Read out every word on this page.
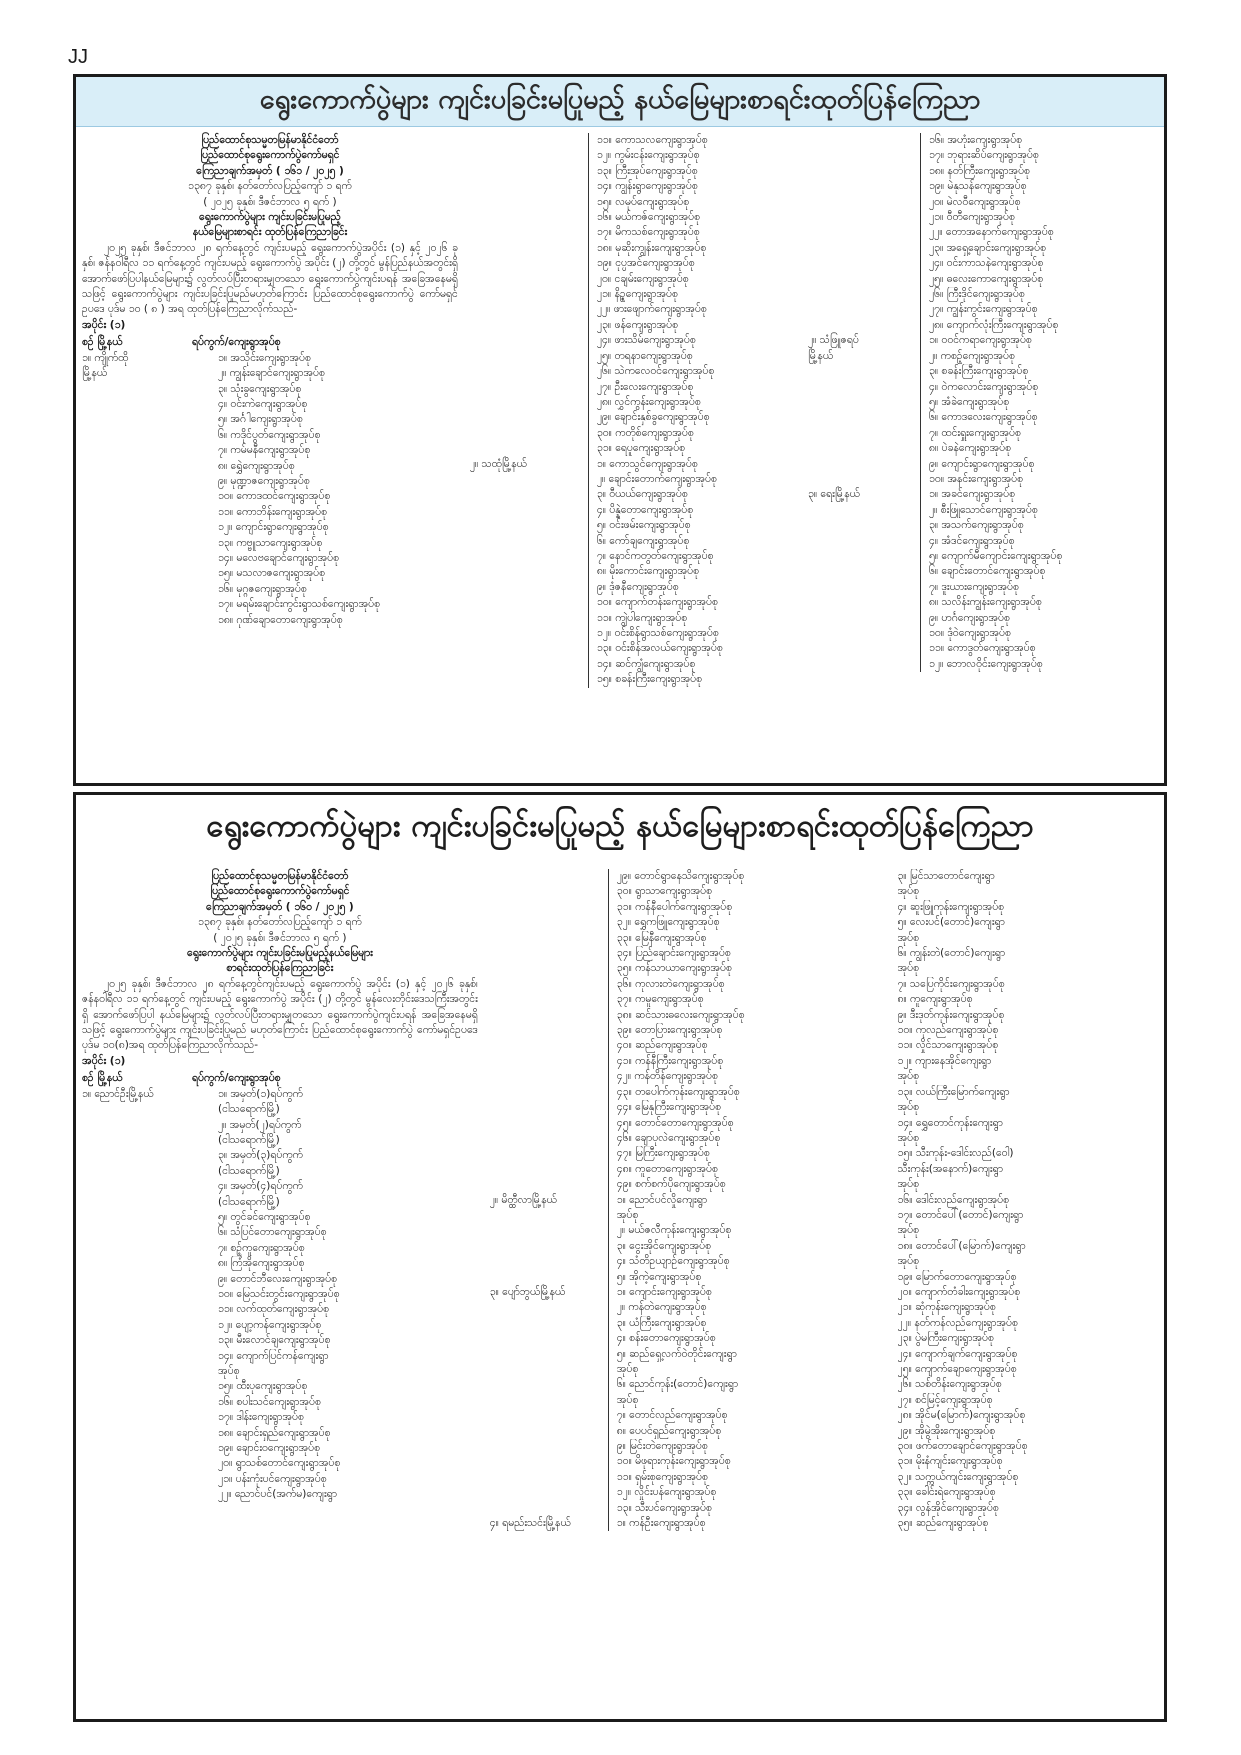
JJ
ရွေးကောက်ပွဲများ ကျင်းပခြင်းမပြုမည့် နယ်မြေများစာရင်းထုတ်ပြန်ကြေညာ
ပြည်ထောင်စုသမ္မတမြန်မာနိုင်ငံတော်
ပြည်ထောင်စုရွေးကောက်ပွဲကော်မရှင်
ကြေညာချက်အမှတ် ( ၁၆၁ / ၂၀၂၅ )
၁၃၈၇ ခုနှစ်၊ နတ်တော်လပြည့်ကျော် ၁ ရက်
( ၂၀၂၅ ခုနှစ်၊ ဒီဇင်ဘာလ ၅ ရက် )
ရွေးကောက်ပွဲများ ကျင်းပခြင်းမပြုမည့်
နယ်မြေများစာရင်း ထုတ်ပြန်ကြေညာခြင်း
၂၀၂၅ ခုနှစ်၊ ဒီဇင်ဘာလ ၂၈ ရက်နေ့တွင် ကျင်းပမည့် ရွေးကောက်ပွဲအပိုင်း (၁) နှင့် ၂၀၂၆ ခုနှစ်၊ ဇန်နဝါရီလ ၁၁ ရက်နေ့တွင် ကျင်းပမည့် ရွေးကောက်ပွဲ အပိုင်း (၂) တို့တွင် မွန်ပြည်နယ်အတွင်းရှိ အောက်ဖော်ပြပါနယ်မြေများ၌ လွတ်လပ်ပြီးတရားမျှတသော ရွေးကောက်ပွဲကျင်းပရန် အခြေအနေမရှိသဖြင့် ရွေးကောက်ပွဲများ ကျင်းပခြင်းပြုမည်မဟုတ်ကြောင်း ပြည်ထောင်စုရွေးကောက်ပွဲ ကော်မရှင်ဥပဒေ ပုဒ်မ ၁၀ ( ၈ ) အရ ထုတ်ပြန်ကြေညာလိုက်သည်-
အပိုင်း (၁)
စဉ် မြို့နယ်	ရပ်ကွက်/ကျေးရွာအုပ်စု
၁။ ကျိုက်ထို	၁။ အသိုင်းကျေးရွာအုပ်စု
မြို့နယ်	၂။ ကျွန်းချောင်ကျေးရွာအုပ်စု
၃။ သုံးခွကျေးရွာအုပ်စု
၄။ ဝင်းကဲကျေးရွာအုပ်စု
၅။ အင်္ဂါကျေးရွာအုပ်စု
၆။ ကဒိုင်ပွတ်ကျေးရွာအုပ်စု
၇။ ကမ်မနီကျေးရွာအုပ်စု
၈။ ရွှေဲကျေးရွာအုပ်စု
၉။ မုဏ္ဍာဇကျေးရွာအုပ်စု
၁၀။ ကောဒထင်ကျေးရွာအုပ်စု
၁၁။ ကောဘိန်းကျေးရွာအုပ်စု
၁၂။ ကျောင်းရွာကျေးရွာအုပ်စု
၁၃။ ကဗ္ဗူသာကျေးရွာအုပ်စု
၁၄။ မလေဗချောင်ကျေးရွာအုပ်စု
၁၅။ မသလာဇကျေးရွာအုပ်စု
၁၆။ မုဂ္ဂဇကျေးရွာအုပ်စု
၁၇။ မရမ်းချောင်းကွင်းရွာသစ်ကျေးရွာအုပ်စု
၁၈။ ဂုဏ်ချောတောကျေးရွာအုပ်စု
၁၁။ ကောသလကျေးရွာအုပ်စု
၁၂။ ကွမ်းငန်းကျေးရွာအုပ်စု
၁၃။ ကြီးအုပ်ကျေးရွာအုပ်စု
၁၄။ ကျွန်းရွာကျေးရွာအုပ်စု
၁၅။ လမုပ်ကျေးရွာအုပ်စု
၁၆။ မယ်ကဇ်ကျေးရွာအုပ်စု
၁၇။ မိကသစ်ကျေးရွာအုပ်စု
၁၈။ မုဆိုးကျွန်းကျေးရွာအုပ်စု
၁၉။ ငုပ္ပအင်ကျေးရွာအုပ်စု
၂၀။ ငချမ်းကျေးရွာအုပ်စု
၂၁။ နိဉ္စကျေးရွာအုပ်စု
၂၂။ ဖားဖျောက်ကျေးရွာအုပ်စု
၂၃။ ဖန်ကျေးရွာအုပ်စု
၂၄။ ဖားသိမ်ကျေးရွာအုပ်စု
၂၅။ တရနာကျေးရွာအုပ်စု
၂၆။ သဲကလေဝင်ကျေးရွာအုပ်စု
၂၇။ ဦးလေးကျေးရွာအုပ်စု
၂၈။ လွှင်ကွန်းကျေးရွာအုပ်စု
၂၉။ ချောင်းနှစ်ခွကျေးရွာအုပ်စု
၃၀။ ကတိုစ်ကျေးရွာအုပ်စု
၃၁။ ရေပူကျေးရွာအုပ်စု
၂။ သထုံမြို့နယ်	၁။ ကောသွင်ကျေးရွာအုပ်စု
၂။ ချောင်းတောက်ကျေးရွာအုပ်စု
၃။ ဝီယယ်ကျေးရွာအုပ်စု
၄။ ပိန္နဲတောကျေးရွာအုပ်စု
၅။ ဝင်းဖမ်းကျေးရွာအုပ်စု
၆။ ကော်ချကျေးရွာအုပ်စု
၇။ နောင်ကတွတ်ကျေးရွာအုပ်စု
၈။ မိုးကောင်းကျေးရွာအုပ်စု
၉။ ဒုံဇနီကျေးရွာအုပ်စု
၁၀။ ကျောက်တန်းကျေးရွာအုပ်စု
၁၁။ ကျွဲပါကျေးရွာအုပ်စု
၁၂။ ဝင်းစိန်ရွာသစ်ကျေးရွာအုပ်စု
၁၃။ ဝင်းစိန်အလယ်ကျေးရွာအုပ်စု
၁၄။ ဆင်ကျွံကျေးရွာအုပ်စု
၁၅။ စခန်းကြီးကျေးရွာအုပ်စု
၁၆။ အဟုံးကျေးရွာအုပ်စု
၁၇။ ဘုရားဆိပ်ကျေးရွာအုပ်စု
၁၈။ နတ်ကြီးကျေးရွာအုပ်စု
၁၉။ မဲနုသန်ကျေးရွာအုပ်စု
၂၀။ မဲလဝီကျေးရွာအုပ်စု
၂၁။ ဝီတီကျေးရွာအုပ်စု
၂၂။ တောအနောက်ကျေးရွာအုပ်စု
၂၃။ အရှေ့ချောင်းကျေးရွာအုပ်စု
၂၄။ ဝင်းကာသနဲကျေးရွာအုပ်စု
၂၅။ ဓလေးကောကျေးရွာအုပ်စု
၂၆။ ကြီးဒိုင်ကျေးရွာအုပ်စု
၂၇။ ကျွန်းကွင်းကျေးရွာအုပ်စု
၂၈။ ကျောက်လုံးကြီးကျေးရွာအုပ်စု
၂။ သံဖြူဇရပ်	၁။ ဝဝင်ကရာကျေးရွာအုပ်စု
မြို့နယ်	၂။ ကစဉ့်ကျေးရွာအုပ်စု
၃။ စခန်းကြီးကျေးရွာအုပ်စု
၄။ ဝဲကလောင်းကျေးရွာအုပ်စု
၅။ အံခဲကျေးရွာအုပ်စု
၆။ ကောဒလေးကျေးရွာအုပ်စု
၇။ ထင်းရှူးကျေးရွာအုပ်စု
၈။ ပဲခနဲကျေးရွာအုပ်စု
၉။ ကျောင်းရွာကျေးရွာအုပ်စု
၁၀။ အနင်းကျေးရွာအုပ်စု
၃။ ရေးမြို့နယ်	၁။ အခင်ကျေးရွာအုပ်စု
၂။ စီးဖြူသောင်ကျေးရွာအုပ်စု
၃။ အသက်ကျေးရွာအုပ်စု
၄။ အံဒင်ကျေးရွာအုပ်စု
၅။ ကျောက်မီကျောင်းကျေးရွာအုပ်စု
၆။ ချောင်းတောင်ကျေးရွာအုပ်စု
၇။ ဒူးယားကျေးရွာအုပ်စု
၈။ သလိန်းကျွန်းကျေးရွာအုပ်စု
၉။ ဟင်္ဂကျေးရွာအုပ်စု
၁၀။ ဒုံဝဲကျေးရွာအုပ်စု
၁၁။ ကောဒွတ်ကျေးရွာအုပ်စု
၁၂။ ဘောလဝိုင်းကျေးရွာအုပ်စု
ရွေးကောက်ပွဲများ ကျင်းပခြင်းမပြုမည့် နယ်မြေများစာရင်းထုတ်ပြန်ကြေညာ
ပြည်ထောင်စုသမ္မတမြန်မာနိုင်ငံတော်
ပြည်ထောင်စုရွေးကောက်ပွဲကော်မရှင်
ကြေညာချက်အမှတ် ( ၁၆၀ / ၂၀၂၅ )
၁၃၈၇ ခုနှစ်၊ နတ်တော်လပြည့်ကျော် ၁ ရက်
( ၂၀၂၅ ခုနှစ်၊ ဒီဇင်ဘာလ ၅ ရက် )
ရွေးကောက်ပွဲများ ကျင်းပခြင်းမပြုမည့်နယ်မြေများ
စာရင်းထုတ်ပြန်ကြေညာခြင်း
၂၀၂၅ ခုနှစ်၊ ဒီဇင်ဘာလ ၂၈ ရက်နေ့တွင်ကျင်းပမည့် ရွေးကောက်ပွဲ အပိုင်း (၁) နှင့် ၂၀၂၆ ခုနှစ်၊ ဇန်နဝါရီလ ၁၁ ရက်နေ့တွင် ကျင်းပမည့် ရွေးကောက်ပွဲ အပိုင်း (၂) တို့တွင် မွန်လေးတိုင်းဒေသကြီးအတွင်းရှိ အောက်ဖော်ပြပါ နယ်မြေများ၌ လွတ်လပ်ပြီးတရားမျှတသော ရွေးကောက်ပွဲကျင်းပရန် အခြေအနေမရှိသဖြင့် ရွေးကောက်ပွဲများ ကျင်းပခြင်းပြုမည် မဟုတ်ကြောင်း ပြည်ထောင်စုရွေးကောက်ပွဲ ကော်မရှင်ဥပဒေပုဒ်မ ၁၀(၈)အရ ထုတ်ပြန်ကြေညာလိုက်သည်-
အပိုင်း (၁)
စဉ် မြို့နယ်	ရပ်ကွက်/ကျေးရွာအုပ်စု
၁။ ညောင်ဦးမြို့နယ်	၁။ အမှတ်(၁)ရပ်ကွက်
(ငါသရောက်မြို့)
၂။ အမှတ်(၂)ရပ်ကွက်
(ငါသရောက်မြို့)
၃။ အမှတ်(၃)ရပ်ကွက်
(ငါသရောက်မြို့)
၄။ အမှတ်(၄)ရပ်ကွက်
(ငါသရောက်မြို့)
၅။ တွင်ခင်ကျေးရွာအုပ်စု
၆။ သံပြင်တောကျေးရွာအုပ်စု
၇။ စဉ့်ကူကျေးရွာအုပ်စု
၈။ ကြံအိုကျေးရွာအုပ်စု
၉။ တောင်ဘီလေးကျေးရွာအုပ်စု
၁၀။ မြေသင်းတွင်းကျေးရွာအုပ်စု
၁၁။ လက်ထုတ်ကျေးရွာအုပ်စု
၁၂။ ပျော့ကန်ကျေးရွာအုပ်စု
၁၃။ မီးလောင်ချကျေးရွာအုပ်စု
၁၄။ ကျောက်ပြင်ကန်ကျေးရွာ
အုပ်စု
၁၅။ ထီးပုကျေးရွာအုပ်စု
၁၆။ စပါးသင်ကျေးရွာအုပ်စု
၁၇။ ဒါန်းကျေးရွာအုပ်စု
၁၈။ ချောင်းရှည်ကျေးရွာအုပ်စု
၁၉။ ချောင်းဝကျေးရွာအုပ်စု
၂၀။ ရွာသစ်တောင်ကျေးရွာအုပ်စု
၂၁။ ပန်းကုံးပင်ကျေးရွာအုပ်စု
၂၂။ ညောင်ပင်(အက်မ)ကျေးရွာ
၂၉။ တောင်ရွာနေသိကျေးရွာအုပ်စု
၃၀။ ရွာသာကျေးရွာအုပ်စု
၃၁။ ကန်နီပေါက်ကျေးရွာအုပ်စု
၃၂။ ရွှေကဖြူကျေးရွာအုပ်စု
၃၃။ မြေနီကျေးရွာအုပ်စု
၃၄။ ပြည်ချောင်းကျေးရွာအုပ်စု
၃၅။ ကန်သာယာကျေးရွာအုပ်စု
၃၆။ ကုလားတဲကျေးရွာအုပ်စု
၃၇။ ကမူကျေးရွာအုပ်စု
၃၈။ ဆင်သားဓလေးကျေးရွာအုပ်စု
၃၉။ တောပြားကျေးရွာအုပ်စု
၄၀။ ဆည်ကျေးရွာအုပ်စု
၄၁။ ကန်နီကြီးကျေးရွာအုပ်စု
၄၂။ ကန်တိန်ကျေးရွာအုပ်စု
၄၃။ တပေါက်ကုန်းကျေးရွာအုပ်စု
၄၄။ မြေနုကြီးကျေးရွာအုပ်စု
၄၅။ တောင်တောကျေးရွာအုပ်စု
၄၆။ ချောပုလဲကျေးရွာအုပ်စု
၄၇။ မြကြီးကျေးရွာအုပ်စု
၄၈။ ကူတောကျေးရွာအုပ်စု
၄၉။ စက်စက်ပိုကျေးရွာအုပ်စု
၂။ မိတ္ထီလာမြို့နယ်	၁။ ညောင်ပင်လှိုကျေးရွာ
အုပ်စု
၂။ မယ်ဇလီကုန်းကျေးရွာအုပ်စု
၃။ ငွေးအိုင်ကျေးရွာအုပ်စု
၄။ သံတိဥယျာဉ်ကျေးရွာအုပ်စု
၅။ အိုကဲ့ကျေးရွာအုပ်စု
၃။ ပျော်ဘွယ်မြို့နယ်	၁။ ကျောင်းကျေးရွာအုပ်စု
၂။ ကန်တဲကျေးရွာအုပ်စု
၃။ ယံကြီးကျေးရွာအုပ်စု
၄။ စန်းတောကျေးရွာအုပ်စု
၅။ ဆည်ရှေ့လက်ဝဲတိုင်းကျေးရွာ
အုပ်စု
၆။ ညောင်ကုန်း(တောင်)ကျေးရွာ
အုပ်စု
၇။ တောင်လည်ကျေးရွာအုပ်စု
၈။ ပေပင်ရှည်ကျေးရွာအုပ်စု
၉။ မြင်းတဲကျေးရွာအုပ်စု
၁၀။ မိဖုရားကုန်းကျေးရွာအုပ်စု
၁၁။ ရှမ်းစုကျေးရွာအုပ်စု
၁၂။ လှိုင်းပန်ကျေးရွာအုပ်စု
၁၃။ သီးပင်ကျေးရွာအုပ်စု
၄။ ရမည်းသင်းမြို့နယ်	၁။ ကန်ဦးကျေးရွာအုပ်စု
၃။ မြင်သာတောင်ကျေးရွာ
အုပ်စု
၄။ ဆူးဖြူကုန်းကျေးရွာအုပ်စု
၅။ လေးပင်(တောင်)ကျေးရွာ
အုပ်စု
၆။ ကျွန်းတဲ(တောင်)ကျေးရွာ
အုပ်စု
၇။ သပြေကိုင်းကျေးရွာအုပ်စု
၈။ ကူကျေးရွာအုပ်စု
၉။ ဒီးဒုတ်ကုန်းကျေးရွာအုပ်စု
၁၀။ ကုလည်ကျေးရွာအုပ်စု
၁၁။ လှိုင်သာကျေးရွာအုပ်စု
၁၂။ ကျားနေအိုင်ကျေးရွာ
အုပ်စု
၁၃။ လယ်ကြီးမြောက်ကျေးရွာ
အုပ်စု
၁၄။ ရွှေတောင်ကုန်းကျေးရွာ
အုပ်စု
၁၅။ သီးကုန်း-ဒေါင်းလည်(ဝေါ)
သီးကုန်း(အနောက်)ကျေးရွာ
အုပ်စု
၁၆။ ဒေါင်းလည်ကျေးရွာအုပ်စု
၁၇။ တောင်ပေါ်(တောင်)ကျေးရွာ
အုပ်စု
၁၈။ တောင်ပေါ်(မြောက်)ကျေးရွာ
အုပ်စု
၁၉။ မြောက်တောကျေးရွာအုပ်စု
၂၀။ ကျောက်တံခါးကျေးရွာအုပ်စု
၂၁။ ဆုံကုန်းကျေးရွာအုပ်စု
၂၂။ နတ်ကန်လည်ကျေးရွာအုပ်စု
၂၃။ ပွဲမကြီးကျေးရွာအုပ်စု
၂၄။ ကျောက်ချက်ကျေးရွာအုပ်စု
၂၅။ ကျောက်ချောကျေးရွာအုပ်စု
၂၆။ သစ်တိန်းကျေးရွာအုပ်စု
၂၇။ စင်မြင့်ကျေးရွာအုပ်စု
၂၈။ အိုင်မ(မြောက်)ကျေးရွာအုပ်စု
၂၉။ အိုမွဲအိုးကျေးရွာအုပ်စု
၃၀။ ဖက်တောချောင်ကျေးရွာအုပ်စု
၃၁။ မိုးနံကျင်းကျေးရွာအုပ်စု
၃၂။ သက္ကယ်ကျင်းကျေးရွာအုပ်စု
၃၃။ ခေါင်းရဲကျေးရွာအုပ်စု
၃၄။ လွန်အိုင်ကျေးရွာအုပ်စု
၃၅။ ဆည်ကျေးရွာအုပ်စု
